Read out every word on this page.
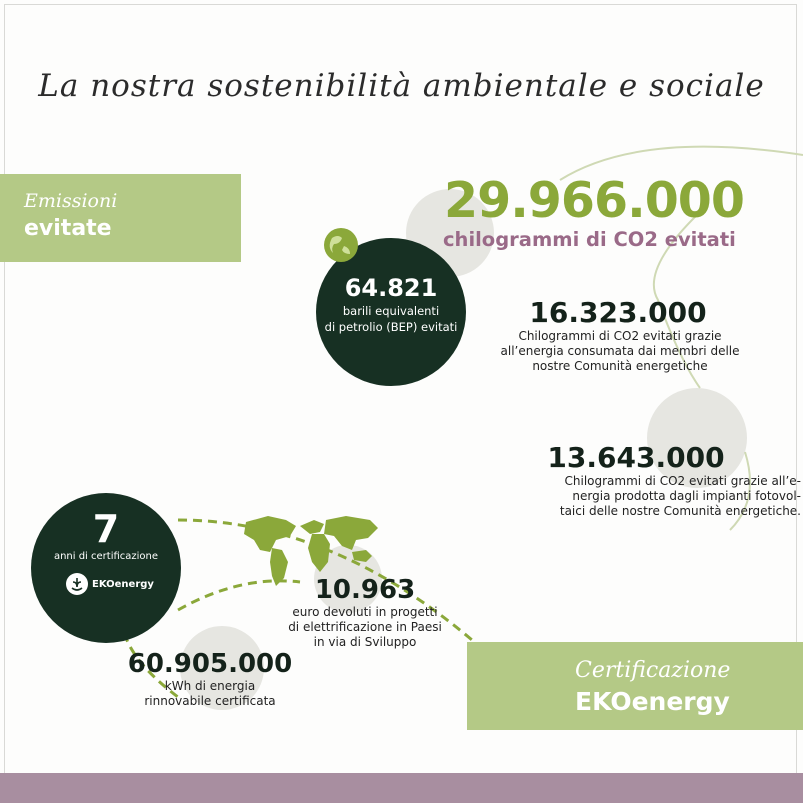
La nostra sostenibilità ambientale e sociale
Emissioni
evitate	29.966.000
chilogrammi di CO2 evitati
64.821
barili equivalenti
di petrolio (BEP) evitati	16.323.000
Chilogrammi di CO2 evitati grazie
all’energia consumata dai membri delle
nostre Comunità energetiche
13.643.000
Chilogrammi di CO2 evitati grazie all’e-
nergia prodotta dagli impianti fotovol-
taici delle nostre Comunità energetiche.
7
anni di certificazione
EKOenergy	10.963
euro devoluti in progetti
di elettrificazione in Paesi
in via di Sviluppo
60.905.000
kWh di energia
rinnovabile certificata
Certificazione
EKOenergy
